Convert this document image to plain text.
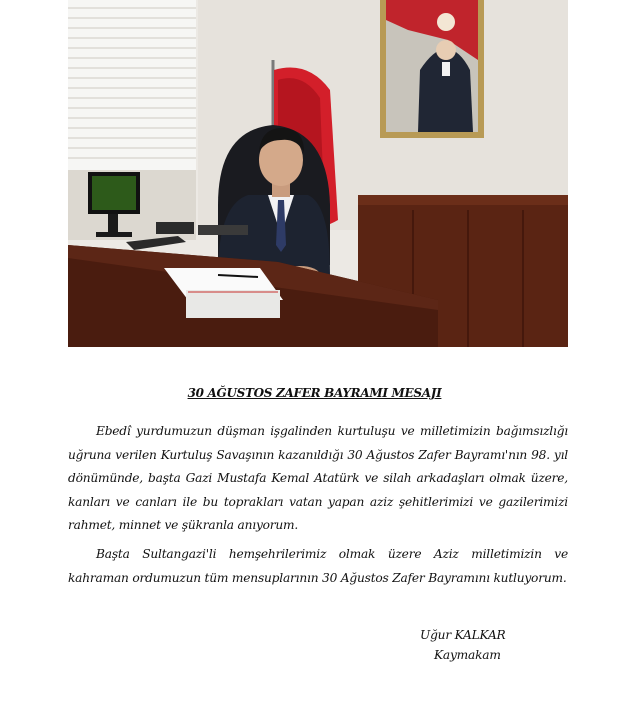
30 AĞUSTOS ZAFER BAYRAMI MESAJI

Ebedî yurdumuzun düşman işgalinden kurtuluşu ve milletimizin bağımsızlığı uğruna verilen Kurtuluş Savaşının kazanıldığı 30 Ağustos Zafer Bayramı'nın 98. yıl dönümünde, başta Gazi Mustafa Kemal Atatürk ve silah arkadaşları olmak üzere, kanları ve canları ile bu toprakları vatan yapan aziz şehitlerimizi ve gazilerimizi rahmet, minnet ve şükranla anıyorum.

Başta Sultangazi'li hemşehrilerimiz olmak üzere Aziz milletimizin ve kahraman ordumuzun tüm mensuplarının 30 Ağustos Zafer Bayramını kutluyorum.

Uğur KALKAR
Kaymakam
